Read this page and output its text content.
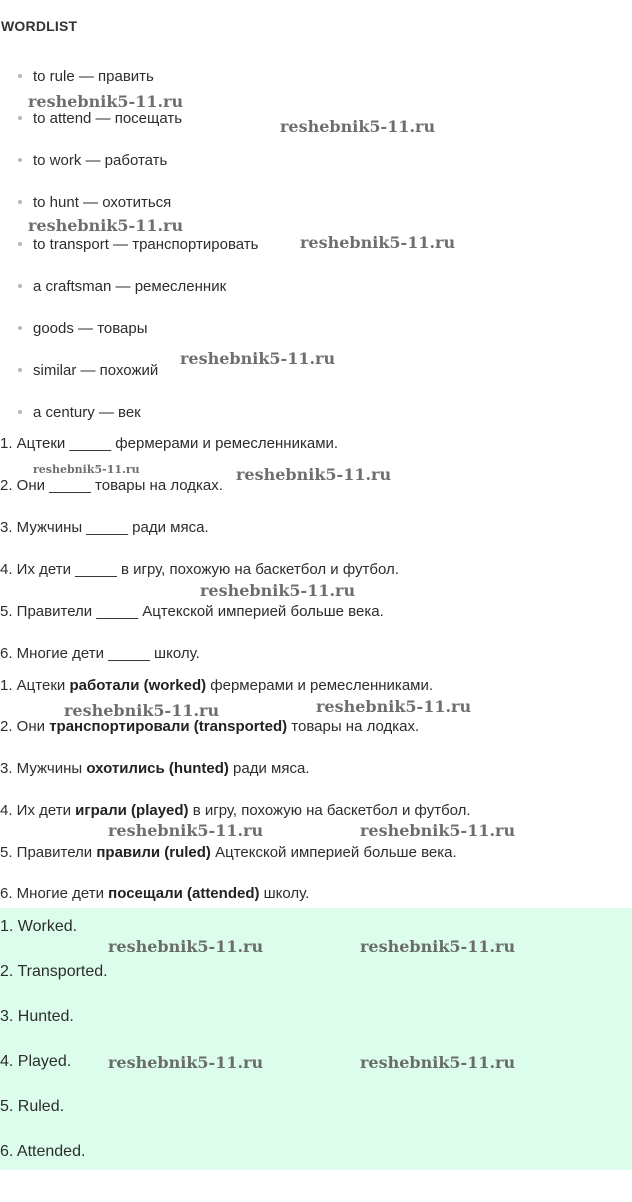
WORDLIST
to rule — править
to attend — посещать
to work — работать
to hunt — охотиться
to transport — транспортировать
a craftsman — ремесленник
goods — товары
similar — похожий
a century — век
1. Ацтеки _____ фермерами и ремесленниками.
2. Они _____ товары на лодках.
3. Мужчины _____ ради мяса.
4. Их дети _____ в игру, похожую на баскетбол и футбол.
5. Правители _____ Ацтекской империей больше века.
6. Многие дети _____ школу.
1. Ацтеки работали (worked) фермерами и ремесленниками.
2. Они транспортировали (transported) товары на лодках.
3. Мужчины охотились (hunted) ради мяса.
4. Их дети играли (played) в игру, похожую на баскетбол и футбол.
5. Правители правили (ruled) Ацтекской империей больше века.
6. Многие дети посещали (attended) школу.
1. Worked.
2. Transported.
3. Hunted.
4. Played.
5. Ruled.
6. Attended.
reshebnik5-11.ru
reshebnik5-11.ru
reshebnik5-11.ru
reshebnik5-11.ru
reshebnik5-11.ru
reshebnik5-11.ru	reshebnik5-11.ru
reshebnik5-11.ru
reshebnik5-11.ru	reshebnik5-11.ru
reshebnik5-11.ru	reshebnik5-11.ru
reshebnik5-11.ru	reshebnik5-11.ru
reshebnik5-11.ru	reshebnik5-11.ru
